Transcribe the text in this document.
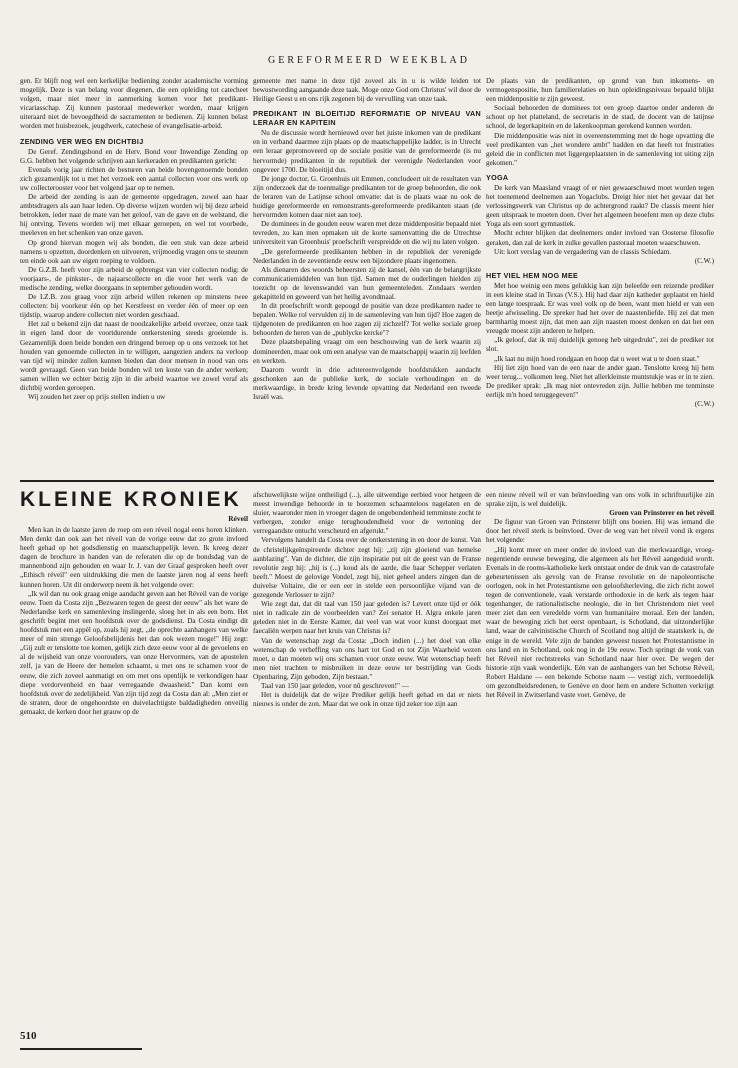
GEREFORMEERD WEEKBLAD

gen. Er blijft nog wel een kerkelijke bediening zonder academische vorming mogelijk. Deze is van belang voor diegenen, die een opleiding tot catecheet volgen, maar niet meer in aanmerking komen voor het predikant-vicariasschap. Zij kunnen pastoraal medewerker worden, maar krijgen uiteraard niet de bevoegdheid de sacramenten te bedienen. Zij kunnen belast worden met huisbezoek, jeugdwerk, catechese of evangelisatie-arbeid.

ZENDING VER WEG EN DICHTBIJ

De Geref. Zendingsbond en de Herv. Bond voor Inwendige Zending op G.G. hebben het volgende schrijven aan kerkeraden en predikanten gericht:

Evenals vorig jaar richten de besturen van beide bovengenoemde bonden zich gezamenlijk tot u met het verzoek een aantal collecten voor ons werk op uw collecterooster voor het volgend jaar op te nemen.

De arbeid der zending is aan de gemeente opgedragen, zowel aan haar ambtsdragers als aan haar leden. Op diverse wijzen worden wij bij deze arbeid betrokken, ieder naar de mate van het geloof, van de gave en de welstand, die hij ontving. Tevens worden wij met elkaar geroepen, en wel tot voorbede, meeleven en het schenken van onze gaven.

Op grond hiervan mogen wij als bonden, die een stuk van deze arbeid namens u opzetten, doordenken en uitvoeren, vrijmoedig vragen ons te steunen ten einde ook aan uw eigen roeping te voldoen.

De G.Z.B. heeft voor zijn arbeid de opbrengst van vier collecten nodig: de voorjaars-, de pinkster-, de najaarscollecte en die voor het werk van de medische zending, welke doorgaans in september gehouden wordt.

De I.Z.B. zou graag voor zijn arbeid willen rekenen op minstens twee collecten: bij voorkeur één op het Kerstfeest en verder één of meer op een tijdstip, waarop andere collecten niet worden geschaad.

Het zal u bekend zijn dat naast de noodzakelijke arbeid overzee, onze taak in eigen land door de voortdurende ontkerstening steeds groeiende is. Gezamenlijk doen beide bonden een dringend beroep op u ons verzoek tot het houden van genoemde collecten in te willigen, aangezien anders na verloop van tijd wij minder zullen kunnen bieden dan door mensen in nood van ons wordt gevraagd. Geen van beide bonden wil ten koste van de ander werken; samen willen we echter bezig zijn in die arbeid waartoe we zowel veraf als dichtbij worden geroepen.

Wij zouden het zeer op prijs stellen indien u uw

gemeente met name in deze tijd zoveel als in u is wilde leiden tot bewustwording aangaande deze taak. Moge onze God om Christus' wil door de Heilige Geest u en ons rijk zegenen bij de vervulling van onze taak.

PREDIKANT IN BLOEITIJD REFORMATIE OP NIVEAU VAN LERAAR EN KAPITEIN

Nu de discussie wordt hernieuwd over het juiste inkomen van de predikant en in verband daarmee zijn plaats op de maatschappelijke ladder, is in Utrecht een leraar gepromoveerd op de sociale positie van de gereformeerde (is nu hervormde) predikanten in de republiek der verenigde Nederlanden voor ongeveer 1700. De bloeitijd dus.

De jonge doctor, G. Groenhuis uit Emmen, concludeert uit de resultaten van zijn onderzoek dat de toenmalige predikanten tot de groep behoorden, die ook de leraren van de Latijnse school omvatte: dat is de plaats waar nu ook de huidige gereformeerde en remonstrants-gereformeerde predikanten staan (de hervormden komen daar niet aan toe).

De dominees in de gouden eeuw waren met deze middenpositie bepaald niet tevreden, zo kan men opmaken uit de korte samenvatting die de Utrechtse universiteit van Groenhuis' proefschrift verspreidde en die wij nu laten volgen.

„De gereformeerde predikanten hebben in de republiek der verenigde Nederlanden in de zeventiende eeuw een bijzondere plaats ingenomen.

Als dienaren des woords beheersten zij de kansel, één van de belangrijkste communicatiemiddelen van hun tijd. Samen met de ouderlingen hielden zij toezicht op de levenswandel van hun gemeenteleden. Zondaars werden gekapitteld en geweerd van het heilig avondmaal.

In dit proefschrift wordt gepoogd de positie van deze predikanten nader te bepalen. Welke rol vervulden zij in de samenleving van hun tijd? Hoe zagen de tijdgenoten de predikanten en hoe zagen zij zichzelf? Tot welke sociale groep behoorden de heren van de „publycke kercke"?

Deze plaatsbepaling vraagt om een beschouwing van de kerk waarin zij domineerden, maar ook om een analyse van de maatschappij waarin zij leefden en werkten.

Daarom wordt in drie achtereenvolgende hoofdstukken aandacht geschonken aan de publieke kerk, de sociale verhoudingen en de merkwaardige, in brede kring levende opvatting dat Nederland een tweede Israël was.

De plaats van de predikanten, op grond van hun inkomens- en vermogenspositie, hun familierelaties en hun opleidingsniveau bepaald blijkt een middenpositie te zijn geweest.

Sociaal behoorden de dominees tot een groep daartoe onder anderen de schout op het platteland, de secretaris in de stad, de docent van de latijnse school, de legerkapitein en de lakenkoopman gerekend kunnen worden.

Die middenpositie was niet in overeenstemming met de hoge opvatting die veel predikanten van „het wondere ambt" hadden en dat heeft tot frustraties geleid die in conflicten met liggergeplaatsten in de samenleving tot uiting zijn gekomen."

YOGA

De kerk van Maasland vraagt of er niet gewaarschuwd moet worden tegen het toenemend deelnemen aan Yogaclubs. Dreigt hier niet het gevaar dat het verlossingswerk van Christus op de achtergrond raakt? De classis meent hier geen uitspraak te moeten doen. Over het algemeen beoefent men op deze clubs Yoga als een soort gymnastiek.

Mocht echter blijken dat deelnemers onder invloed van Oosterse filosofie geraken, dan zal de kerk in zulke gevallen pastoraal moeten waarschuwen.

Uit: kort verslag van de vergadering van de classis Schiedam.

(C.W.)

HET VIEL HEM NOG MEE

Met hoe weinig een mens gelukkig kan zijn beleefde een reizende prediker in een kleine stad in Texas (V.S.). Hij had daar zijn katheder geplaatst en hield een lange toespraak. Er was veel volk op de been, want men hield er van een beetje afwisseling. De spreker had het over de naastenliefde. Hij zei dat men barmhartig moest zijn, dat men aan zijn naasten moest denken en dat het een vreugde moest zijn anderen te helpen.

„Ik geloof, dat ik mij duidelijk genoeg heb uitgedrukt", zei de prediker tot slot.

„Ik laat nu mijn hoed rondgaan en hoop dat u weet wat u te doen staat."

Hij liet zijn hoed van de een naar de ander gaan. Tenslotte kreeg hij hem weer terug... volkomen leeg. Niet het allerkleinste muntstukje was er in te zien. De prediker sprak: „Ik mag niet ontevreden zijn. Jullie hebben me tenminste eerlijk m'n hoed teruggegeven!"

(C.W.)

KLEINE KRONIEK
Réveil

Men kan in de laatste jaren de roep om een réveil nogal eens horen klinken. Men denkt dan ook aan het réveil van de vorige eeuw dat zo grote invloed heeft gehad op het godsdienstig en maatschappelijk leven. Ik kreeg dezer dagen de brochure in handen van de referaten die op de bondsdag van de mannenbond zijn gehouden en waar Ir. J. van der Graaf gesproken heeft over „Ethisch réveil" een uitdrukking die men de laatste jaren nog al eens heeft kunnen horen. Uit dit onderwerp neem ik het volgende over:

„Ik wil dan nu ook graag enige aandacht geven aan het Réveil van de vorige eeuw. Toen da Costa zijn „Bezwaren tegen de geest der eeuw" als het ware de Nederlandse kerk en samenleving inslingerde, sloeg het in als een bom. Het geschrift begint met een hoofdstuk over de godsdienst. Da Costa eindigt dit hoofdstuk met een appèl op, zoals hij zegt, „de oprechte aanhangers van welke meer of min strenge Geloofsbelijdenis het dan ook wezen moge!" Hij zegt: „Gij zult er tenslotte toe komen, gelijk zich deze eeuw voor al de gevoelens en al de wijsheid van onze voorouders, van onze Hervormers, van de apostelen zelf, ja van de Heere der hemelen schaamt, u met ons te schamen voor de eeuw, die zich zoveel aanmatigt en om met ons openlijk te verkondigen haar diepe verdorvenheid en haar verregaande dwaasheid." Dan komt een hoofdstuk over de zedelijkheid. Van zijn tijd zegt da Costa dan al: „Men ziet er de straten, door de ongehoordste en duivelachtigste baldadigheden onveilig gemaakt, de kerken door het grauw op de

afschuwelijkste wijze ontheiligd (...), alle uitwendige eerbied voor hetgeen de meest inwendige behoorde in te boezemen schaamteloos nagelaten en de sluier, waaronder men in vroeger dagen de ongebondenheid temminste zocht te verbergen, zonder enige terughoudendheid voor de vertoning der verregaandste ontucht verscheurd en afgerukt."

Vervolgens handelt da Costa over de ontkerstening in en door de kunst. Van de christelijkgeïnspireerde dichter zegt hij: „zij zijn gloeiend van hemelse aanblazing". Van de dichter, die zijn inspiratie put uit de geest van de Franse revolutie zegt hij: „hij is (...) koud als de aarde, die haar Schepper verlaten heeft." Moest de gelovige Vondel, zegt hij, niet geheel anders zingen dan de duivelse Voltaire, die er een eer in stelde een persoonlijke vijand van de gezegende Verlosser te zijn?

Wie zegt dat, dat dit taal van 150 jaar geleden is? Levert onze tijd er óók niet in radicale zin de voorbeelden van? Zei senator H. Algra enkele jaren geleden niet in de Eerste Kamer, dat veel van wat voor kunst doorgaat met faecaliën werpen naar het kruis van Christus is?

Van de wetenschap zegt da Costa: „Doch indien (...) het doel van elke wetenschap de verheffing van ons hart tot God en tot Zijn Waarheid wezen moet, o dan moeten wij ons schamen voor onze eeuw. Wat wetenschap heeft men niet trachten te misbruiken in deze eeuw ter bestrijding van Gods Openbaring, Zijn geboden, Zijn bestaan."

Taal van 150 jaar geleden, voor nû geschreven!" —

Het is duidelijk dat de wijze Prediker gelijk heeft gehad en dat er niets nieuws is onder de zon. Maar dat we ook in onze tijd zeker toe zijn aan

een nieuw réveil wil er van beïnvloeding van ons volk in schriftuurlijke zin sprake zijn, is wel duidelijk.

Groen van Prinsterer en het réveil

De figuur van Groen van Prinsterer blijft ons boeien. Hij was iemand die door het réveil sterk is beïnvloed. Over de weg van het réveil vond ik ergens het volgende:

„Hij komt meer en meer onder de invloed van die merkwaardige, vroeg-negentiende eeuwse beweging, die algemeen als het Réveil aangeduid wordt. Evenals in de rooms-katholieke kerk ontstaat onder de druk van de catastrofale gebeurtenissen als gevolg van de Franse revolutie en de napoleontische oorlogen, ook in het Protestantisme een geloofsherleving, die zich richt zowel tegen de conventionele, vaak verstarde orthodoxie in de kerk als tegen haar tegenhanger, de rationalistische neologie, die in het Christendom niet veel meer ziet dan een veredelde vorm van humanitaire moraal. Een der landen, waar de beweging zich het eerst openbaart, is Schotland, dat uitzonderlijke land, waar de calvinistische Church of Scotland nog altijd de staatskerk is, de enige in de wereld. Vele zijn de banden geweest tussen het Protestantisme in ons land en in Schotland, ook nog in de 19e eeuw. Toch springt de vonk van het Réveil niet rechtstreeks van Schotland naar hier over. De wegen der historie zijn vaak wonderlijk. Eén van de aanhangers van het Schotse Réveil, Robert Haldane — een bekende Schotse naam — vestigt zich, vermoedelijk om gezondheidsredenen, te Genève en door hem en andere Schotten verkrijgt het Réveil in Zwitserland vaste voet. Genève, de

510
